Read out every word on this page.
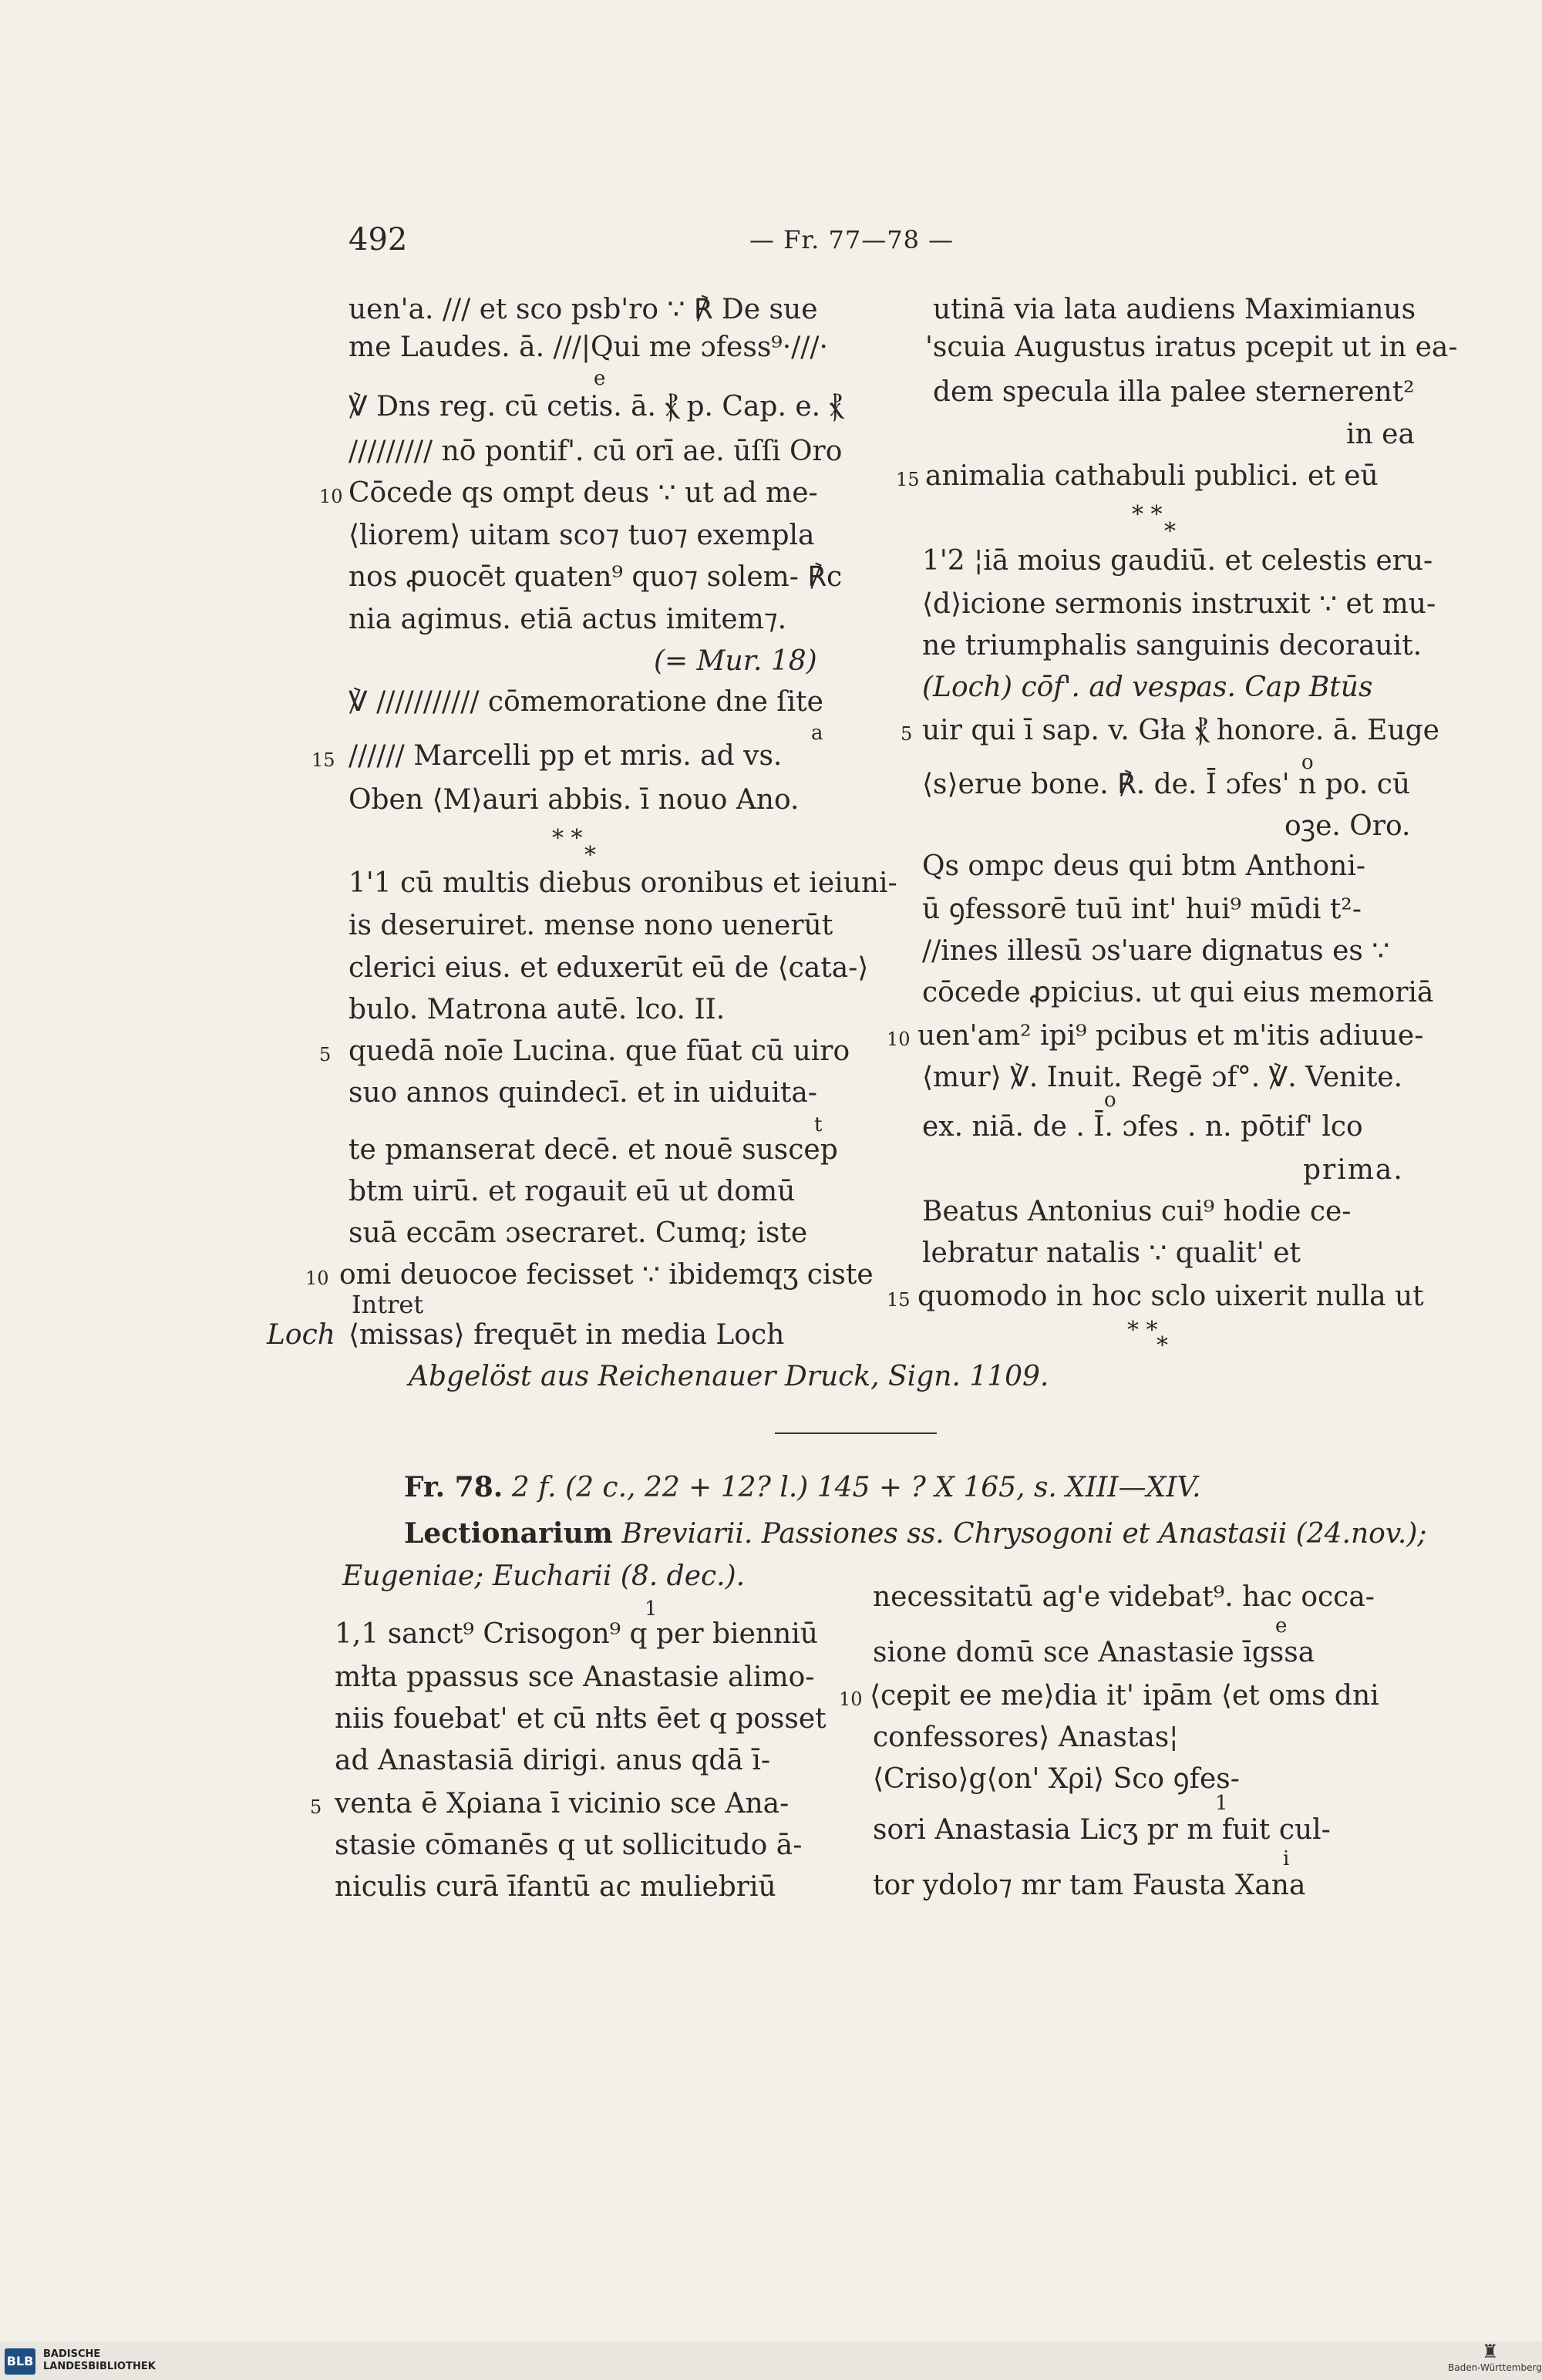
492	— Fr. 77—78 —
uen'a. /// et sco psb'ro ∵ ℟ De sue
me Laudes. ā. ///|Qui me ɔfess⁹·///·
e
℣ Dns reg. cū cetis. ā. ⳩ p. Cap. e. ⳩
///////// nō pontif'. cū orī ae. ūſſi Oro
10 Cōcede qs ompt deus ∵ ut ad me-
⟨liorem⟩ uitam sco⁊ tuo⁊ exempla
nos ꝓuocēt quaten⁹ quo⁊ solem- ℟c
nia agimus. etiā actus imitem⁊.
(= Mur. 18)
℣ /////////// cōmemoratione dne ſite
a
15 ////// Marcelli pp et mris. ad vs.
Oben ⟨M⟩auri abbis. ī nouo Ano.
* *
*
1'1 cū multis diebus oronibus et ieiuni-
is deseruiret. mense nono uenerūt
clerici eius. et eduxerūt eū de ⟨cata-⟩
bulo. Matrona autē. lco. II.
5 quedā noīe Lucina. que fūat cū uiro
suo annos quindecī. et in uiduita-
t
te pmanserat decē. et nouē suscep
btm uirū. et rogauit eū ut domū
suā eccām ɔsecraret. Cumq; iste
10 omi deuocoe fecisset ∵ ibidemqʒ ciste
Intret
Loch ⟨missas⟩ frequēt in media Loch
utinā via lata audiens Maximianus
'scuia Augustus iratus pcepit ut in ea-
dem specula illa palee sternerent²
in ea
15 animalia cathabuli publici. et eū
* *
*
1'2 ¦iā moius gaudiū. et celestis eru-
⟨d⟩icione sermonis instruxit ∵ et mu-
ne triumphalis sanguinis decorauit.
(Loch) cōf'. ad vespas. Cap Btūs
5 uir qui ī sap. v. Gła ⳩ honore. ā. Euge
o
⟨s⟩erue bone. ℟. de. Ī ɔfes' n po. cū
oꝫe. Oro.
Qs ompc deus qui btm Anthoni-
ū ꝯfessorē tuū int' hui⁹ mūdi t²-
//ines illesū ɔs'uare dignatus es ∵
cōcede ꝓpicius. ut qui eius memoriā
10 uen'am² ipi⁹ pcibus et m'itis adiuue-
⟨mur⟩ ℣. Inuit. Regē ɔf°. ℣. Venite.
o
ex. niā. de . Ī. ɔfes . n. pōtif' lco
prima.
Beatus Antonius cui⁹ hodie ce-
lebratur natalis ∵ qualit' et
15 quomodo in hoc sclo uixerit nulla ut
* *
*
Abgelöst aus Reichenauer Druck, Sign. 1109.
Fr. 78. 2 f. (2 c., 22 + 12? l.) 145 + ? X 165, s. XIII—XIV.
Lectionarium Breviarii. Passiones ss. Chrysogoni et Anastasii (24.nov.);
Eugeniae; Eucharii (8. dec.).
1
1,1 sanct⁹ Crisogon⁹ q per bienniū
młta ppassus sce Anastasie alimo-
niis fouebat' et cū nłts ēet q posset
ad Anastasiā dirigi. anus qdā ī-
5 venta ē Xρiana ī vicinio sce Ana-
stasie cōmanēs q ut sollicitudo ā-
niculis curā īfantū ac muliebriū
necessitatū ag'e videbat⁹. hac occa-
e
sione domū sce Anastasie īgssa
10 ⟨cepit ee me⟩dia it' ipām ⟨et oms dni
confessores⟩ Anastas¦
⟨Criso⟩g⟨on' Xρi⟩ Sco ꝯfes-
1
sori Anastasia Licʒ pr m fuit cul-
i
tor ydolo⁊ mr tam Fausta Xana
BLB BADISCHE
LANDESBIBLIOTHEK
♜
Baden-Württemberg
